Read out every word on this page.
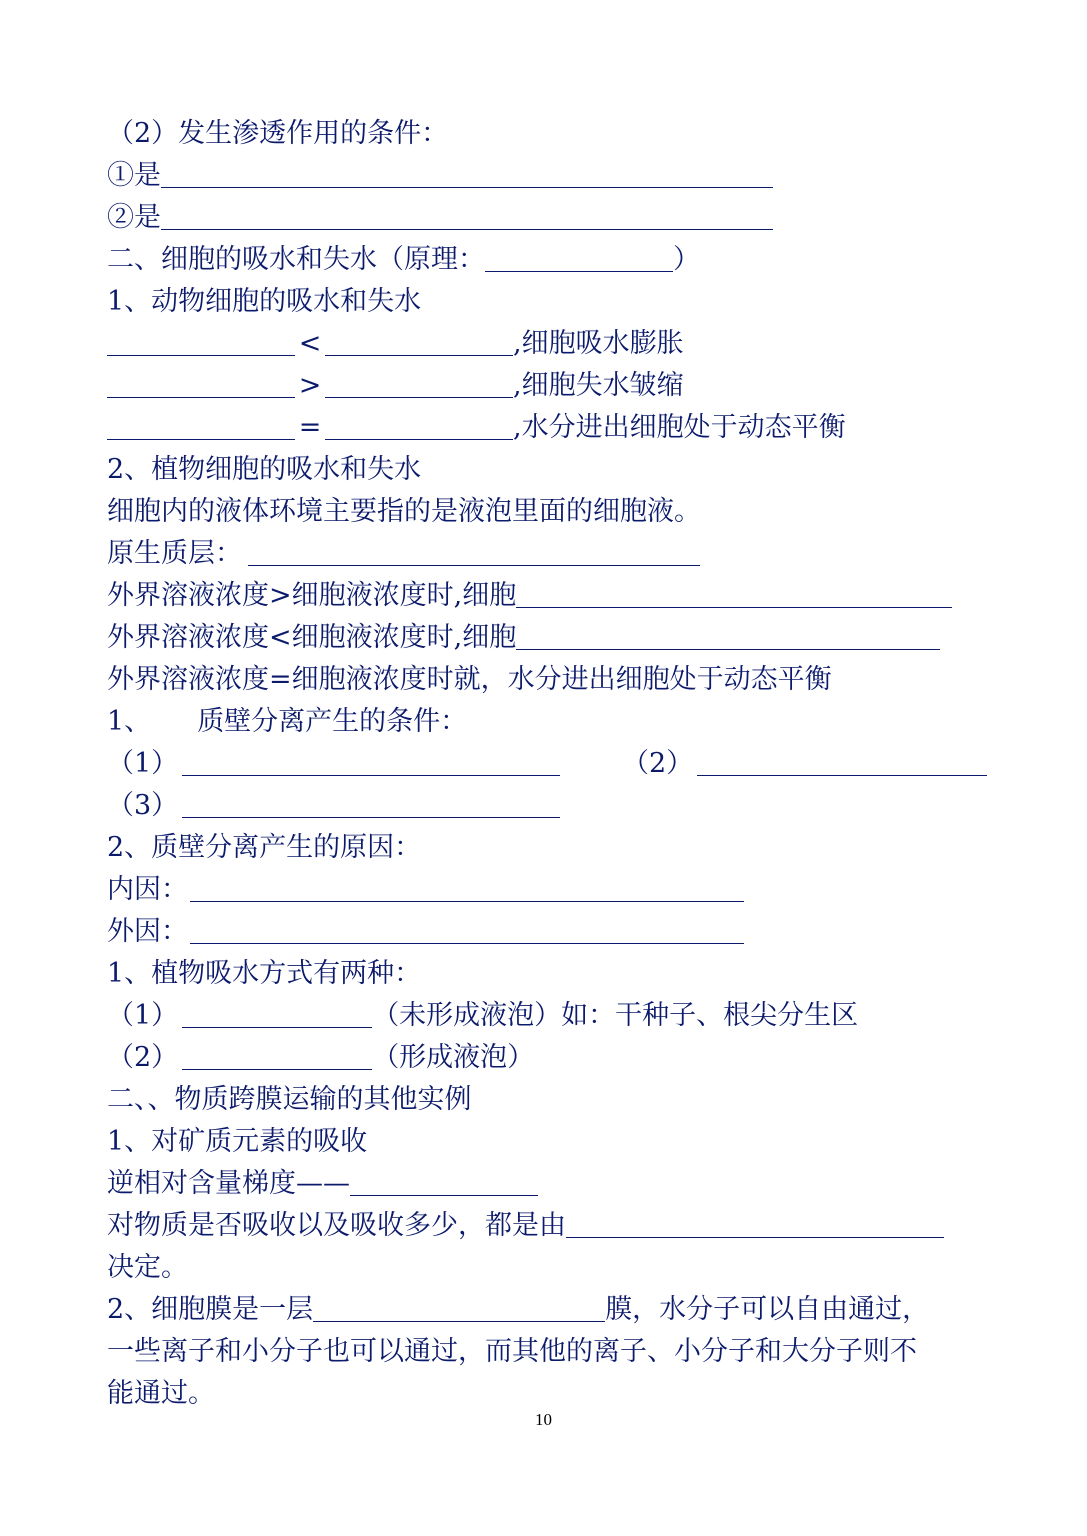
（2）发生渗透作用的条件：
①是
②是
二、细胞的吸水和失水（原理：	）
1、动物细胞的吸水和失水
<	,细胞吸水膨胀
>	,细胞失水皱缩
=	,水分进出细胞处于动态平衡
2、植物细胞的吸水和失水
细胞内的液体环境主要指的是液泡里面的细胞液。
原生质层：
外界溶液浓度>细胞液浓度时,细胞
外界溶液浓度<细胞液浓度时,细胞
外界溶液浓度=细胞液浓度时就，水分进出细胞处于动态平衡
1、 质壁分离产生的条件：
（1）	（2）
（3）
2、质壁分离产生的原因：
内因：
外因：
1、植物吸水方式有两种：
（1）	（未形成液泡）如：干种子、根尖分生区
（2）	（形成液泡）
二、、物质跨膜运输的其他实例
1、对矿质元素的吸收
逆相对含量梯度——
对物质是否吸收以及吸收多少，都是由
决定。
2、细胞膜是一层	膜，水分子可以自由通过，
一些离子和小分子也可以通过，而其他的离子、小分子和大分子则不
能通过。
10
